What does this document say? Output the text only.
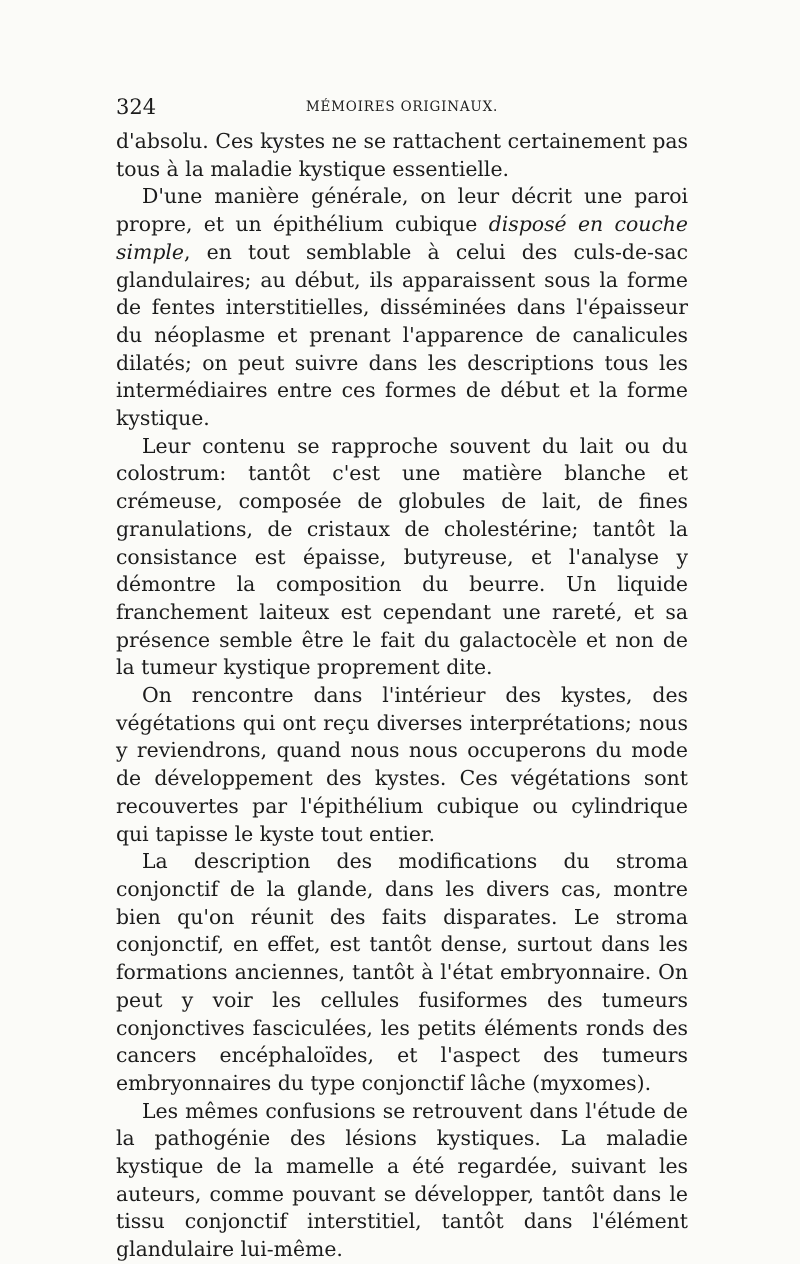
324	MÉMOIRES ORIGINAUX.

d'absolu. Ces kystes ne se rattachent certainement pas tous à la maladie kystique essentielle.

D'une manière générale, on leur décrit une paroi propre, et un épithélium cubique disposé en couche simple, en tout semblable à celui des culs-de-sac glandulaires; au début, ils apparaissent sous la forme de fentes interstitielles, disséminées dans l'épaisseur du néoplasme et prenant l'apparence de canalicules dilatés; on peut suivre dans les descriptions tous les intermédiaires entre ces formes de début et la forme kystique.

Leur contenu se rapproche souvent du lait ou du colostrum: tantôt c'est une matière blanche et crémeuse, composée de globules de lait, de fines granulations, de cristaux de cholestérine; tantôt la consistance est épaisse, butyreuse, et l'analyse y démontre la composition du beurre. Un liquide franchement laiteux est cependant une rareté, et sa présence semble être le fait du galactocèle et non de la tumeur kystique proprement dite.

On rencontre dans l'intérieur des kystes, des végétations qui ont reçu diverses interprétations; nous y reviendrons, quand nous nous occuperons du mode de développement des kystes. Ces végétations sont recouvertes par l'épithélium cubique ou cylindrique qui tapisse le kyste tout entier.

La description des modifications du stroma conjonctif de la glande, dans les divers cas, montre bien qu'on réunit des faits disparates. Le stroma conjonctif, en effet, est tantôt dense, surtout dans les formations anciennes, tantôt à l'état embryonnaire. On peut y voir les cellules fusiformes des tumeurs conjonctives fasciculées, les petits éléments ronds des cancers encéphaloïdes, et l'aspect des tumeurs embryonnaires du type conjonctif lâche (myxomes).

Les mêmes confusions se retrouvent dans l'étude de la pathogénie des lésions kystiques. La maladie kystique de la mamelle a été regardée, suivant les auteurs, comme pouvant se développer, tantôt dans le tissu conjonctif interstitiel, tantôt dans l'élément glandulaire lui-même.
